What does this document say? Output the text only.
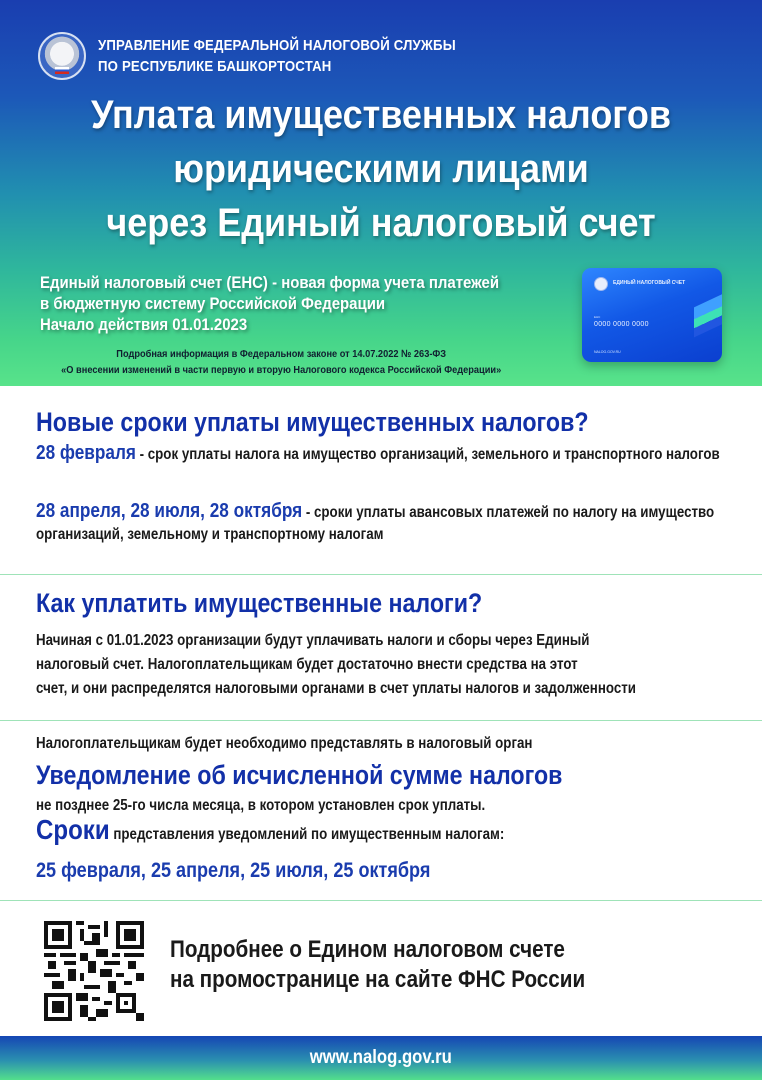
УПРАВЛЕНИЕ ФЕДЕРАЛЬНОЙ НАЛОГОВОЙ СЛУЖБЫ
ПО РЕСПУБЛИКЕ БАШКОРТОСТАН
Уплата имущественных налогов
юридическими лицами
через Единый налоговый счет
Единый налоговый счет (ЕНС) - новая форма учета платежей
в бюджетную систему Российской Федерации
Начало действия 01.01.2023
Подробная информация в Федеральном законе от 14.07.2022 № 263-ФЗ
«О внесении изменений в части первую и вторую Налогового кодекса Российской Федерации»
ЕДИНЫЙ НАЛОГОВЫЙ СЧЕТ
ЕНС
0000 0000 0000
NALOG.GOV.RU
Новые сроки уплаты имущественных налогов?
28 февраля - срок уплаты налога на имущество организаций, земельного и транспортного налогов
28 апреля, 28 июля, 28 октября - сроки уплаты авансовых платежей по налогу на имущество организаций, земельному и транспортному налогам
Как уплатить имущественные налоги?
Начиная с 01.01.2023 организации будут уплачивать налоги и сборы через Единый
налоговый счет. Налогоплательщикам будет достаточно внести средства на этот
счет, и они распределятся налоговыми органами в счет уплаты налогов и задолженности
Налогоплательщикам будет необходимо представлять в налоговый орган
Уведомление об исчисленной сумме налогов
не позднее 25-го числа месяца, в котором установлен срок уплаты.
Сроки представления уведомлений по имущественным налогам:
25 февраля, 25 апреля, 25 июля, 25 октября
Подробнее о Едином налоговом счете
на промостранице на сайте ФНС России
www.nalog.gov.ru
